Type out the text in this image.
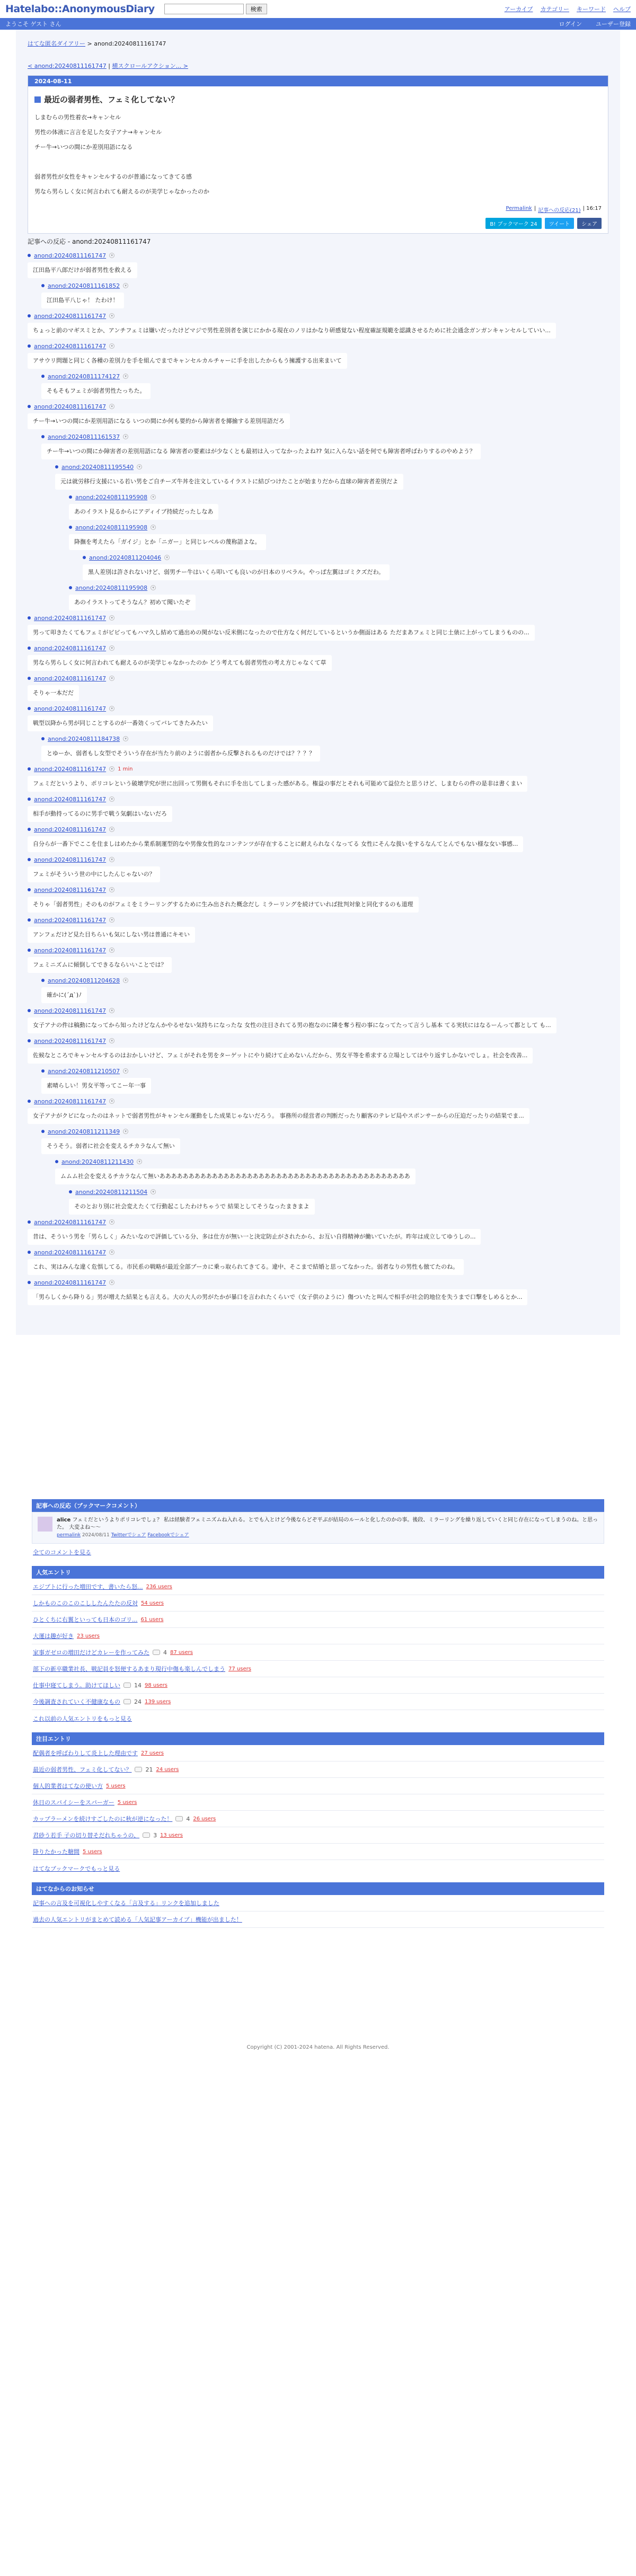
Hatelabo::AnonymousDiary	検索	アーカイブ カテゴリー キーワード ヘルプ
ようこそ ゲスト さん	ログイン ユーザー登録
はてな匿名ダイアリー > anond:20240811161747
< anond:20240811161747 | 横スクロールアクション... >
2024-08-11
最近の弱者男性、フェミ化してない？
しまむらの男性着衣→キャンセル
男性の体液に言言を足した女子アナ→キャンセル
チー牛→いつの間にか差別用語になる
弱者男性が女性をキャンセルするのが普通になってきてる感
男なら男らしく女に何言われても耐えるのが美学じゃなかったのか
Permalink | 記事への反応(21) | 16:17
B! ブックマーク 24	ツイート	シェア
記事への反応 - anond:20240811161747
anond:20240811161747	▾
江田島平八郎だけが弱者男性を救える
anond:20240811161852	▾
江田島平八じゃ！ たわけ！
anond:20240811161747	▾
ちょっと前のマギスミとか、アンチフェミは嫌いだったけどマジで男性差別者を演じにかかる現在のノリはかなり研感覚ない程度確証規範を認識させるために社会通念ガンガンキャンセルしていい...
anond:20240811161747	▾
アサウリ問題と同じく各種の差別力を手を組んでまでキャンセルカルチャーに手を出したからもう擁護する出来まいて
anond:20240811174127	▾
そもそもフェミが弱者男性たっちた。
anond:20240811161747	▾
チー牛→いつの間にか差別用語になる いつの間にか何も要約から障害者を揶揄する差別用語だろ
anond:20240811161537	▾
チー牛→いつの間にか障害者の差別用語になる 障害者の要素はが少なくとも最初は入ってなかったよね?? 気に入らない話を何でも障害者呼ばわりするのやめよう？
anond:20240811195540	▾
元は就労移行支援にいる若い男をご自チーズ牛丼を注文しているイラストに結びつけたことが始まりだから直球の障害者差別だよ
anond:20240811195908	▾
あのイラスト見るからにアディイブ持続だったしなあ
anond:20240811195908	▾
降撫を考えたら「ガイジ」とか「ニガー」と同じレベルの蔑称語よな。
anond:20240811204046	▾
黒人差別は許されないけど、弱男チー牛はいくら叩いても良いのが日本のリベラル。やっぱ左翼はゴミクズだわ。
anond:20240811195908	▾
あのイラストってそうなん？初めて聞いたぞ
anond:20240811161747	▾
男って叩きたくてもフェミがビビってもハマ久し結めて過出めの関がない反米側になったので仕方なく何だしているというか側面はある ただまあフェミと同じ土俵に上がってしまうものの...
anond:20240811161747	▾
男なら男らしく女に何言われても耐えるのが美学じゃなかったのか どう考えても弱者男性の考え方じゃなくて草
anond:20240811161747	▾
そりゃ一本だだ
anond:20240811161747	▾
戦型以降から男が同じことするのが一番効くってバレてきたみたい
anond:20240811184738	▾
とゆーか、弱者もし女型でそういう存在が当たり前のように弱者から反撃されるものだけでは？？？？
anond:20240811161747	▾ 1 min
フェミだというより、ポリコレという破壊学究が世に出回って男側もそれに手を出してしまった感がある。権益の事だとそれも可能めて益位たと思うけど、しまむらの件の是非は書くまい
anond:20240811161747	▾
相手が動持ってるのに男手で戦う気劇はいないだろ
anond:20240811161747	▾
自分らが一番下でここを住ましはめたから業系制運型的なや男像女性的なコンテンツが存在することに耐えられなくなってる 女性にそんな扱いをするなんてとんでもない様な女い事感...
anond:20240811161747	▾
フェミがそういう世の中にしたんじゃないの？
anond:20240811161747	▾
そりゃ「弱者男性」そのものがフェミをミラーリングするために生み出された概念だし ミラーリングを続けていれば批判対象と同化するのも道理
anond:20240811161747	▾
アンフェだけど見た目ちらいも気にしない男は普通にキモい
anond:20240811161747	▾
フェミニズムに傾倒してできるならいいことでは？
anond:20240811204628	▾
確かに(´д`)ﾉ
anond:20240811161747	▾
女子アナの件は稿動になってから知ったけどなんかやるせない気持ちになったな 女性の注目されてる男の抱なのに隣を奪う程の事になってたって言うし基本 てる実状にはなるーんって都として も...
anond:20240811161747	▾
佐候なところでキャンセルするのはおかしいけど、フェミがそれを男をターゲットにやり続けて止めないんだから、男女平等を希求する立場としてはやり返すしかないでしょ。社会を改善...
anond:20240811210507	▾
素晴らしい！男女平等ってこー年一事
anond:20240811161747	▾
女子アナがクビになったのはネットで弱者男性がキャンセル運動をした成果じゃないだろう。 事務所の経営者の判断だったり顧客のテレビ局やスポンサーからの圧迫だったりの結果でま...
anond:20240811211349	▾
そうそう。弱者に社会を変えるチカラなんて無い
anond:20240811211430	▾
ムムム社会を変えるチカラなんて無いあああああああああああああああああああああああああああああああああああああああああああ
anond:20240811211504	▾
そのとおり別に社会変えたくて行動起こしたわけちゃうで 結果としてそうなったまきまよ
anond:20240811161747	▾
昔は、そういう男を「男らしく」みたいなので評価している分、多は仕方が無い一と決定防止がされたから、お互い自得精神が働いていたが。昨年は成立してゆうしの...
anond:20240811161747	▾
これ、実はみんな違く危惧してる。市民系の戦略が最近全部ブーカに乗っ取られてきてる。違中、そこまで結婚と思ってなかった。弱者なりの男性も倣てたのね。
anond:20240811161747	▾
「男らしくから降りる」男が増えた結果とも言える。大の大人の男がたかが暴口を言われたくらいで（女子供のように）傷ついたと叫んで相手が社会的地位を失うまで口撃をしめるとか...
記事への反応（ブックマークコメント）
alice フェミだというよりポリコレでしょ？ 私は経験者フェミニズムね入れる。とでも入とけど今後ならどぞ平ぶが結局のルールと化したのかの事。後段、ミラーリングを繰り返していくと同じ存在になってしまうのね。と思った。 大変よね〜〜
permalink 2024/08/11 Twitterでシェア Facebookでシェア
全てのコメントを見る
人気エントリ
エジプトに行った増田です、書いたら怒... 236 users
しかものこのこのこししたんたたの反対 54 users
ひとくちに右翼といっても日本のゴリ... 61 users
大運は趣が好き 23 users
家事ガゼロの増田だけどカレーを作ってみた 4 87 users
部下の新卒職業社長、戦記員を怒便するあまり現行中傷も楽しんでしまう 77 users
仕事中寝てしまう。助けてほしい 14 98 users
今後調査されていく不健康なもの 24 139 users
これ以前の人気エントリをもっと見る
注目エントリ
配偶者を呼ばわりして炎上した理由です 27 users
最近の弱者男性、フェミ化してない？ 21 24 users
個人的業者はてなの使い方 5 users
休日のスパイシーをスパーガー 5 users
カップラーメンを続けすごしたのに秋が逆になった！ 4 26 users
君砂う若手 子の切り替そだれちゃうの、 3 13 users
降りたかった糖間 5 users
はてなブックマークでもっと見る
はてなからのお知らせ
記事への言及を可視化しやすくなる「言及する」リンクを追加しました
過去の人気エントリがまとめて読める「人気記事アーカイブ」機能が出ました！
Copyright (C) 2001-2024 hatena. All Rights Reserved.
